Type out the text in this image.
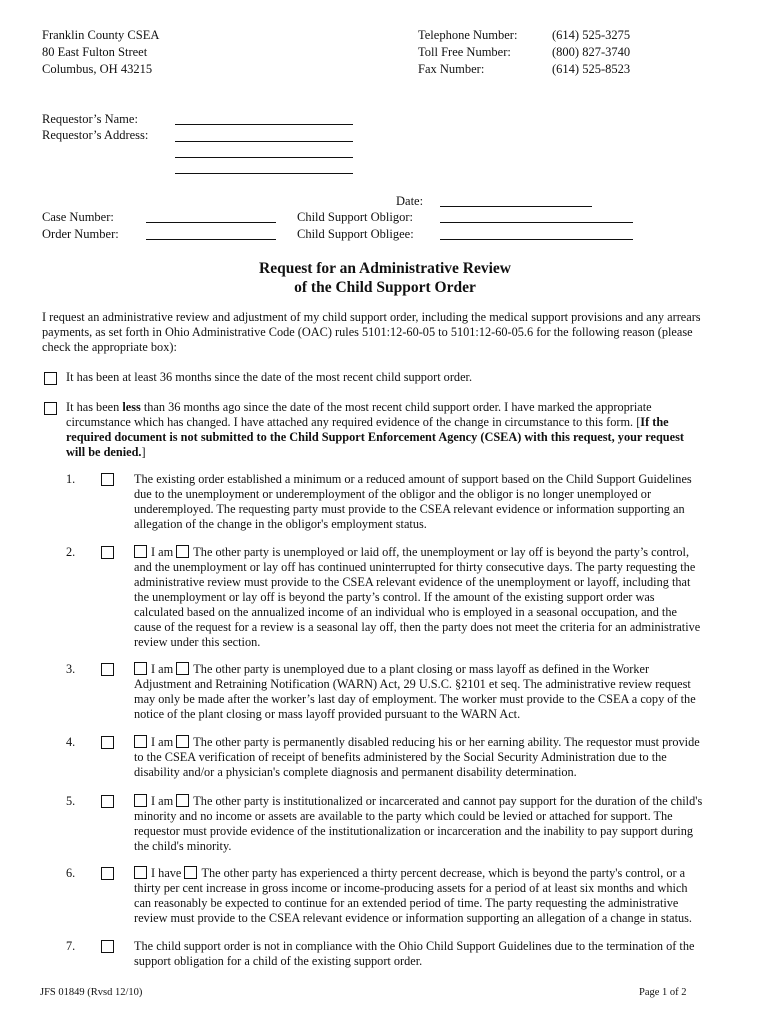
Franklin County CSEA
80 East Fulton Street
Columbus, OH 43215
Telephone Number:	(614) 525-3275
Toll Free Number:	(800) 827-3740
Fax Number:	(614) 525-8523
Requestor’s Name:
Requestor’s Address:
Date:
Case Number:	Child Support Obligor:
Order Number:	Child Support Obligee:
Request for an Administrative Review
of the Child Support Order
I request an administrative review and adjustment of my child support order, including the medical support provisions and any arrears
payments, as set forth in Ohio Administrative Code (OAC) rules 5101:12-60-05 to 5101:12-60-05.6 for the following reason (please
check the appropriate box):
It has been at least 36 months since the date of the most recent child support order.
It has been less than 36 months ago since the date of the most recent child support order. I have marked the appropriate
circumstance which has changed. I have attached any required evidence of the change in circumstance to this form. [If the
required document is not submitted to the Child Support Enforcement Agency (CSEA) with this request, your request
will be denied.]
1.	The existing order established a minimum or a reduced amount of support based on the Child Support Guidelines
due to the unemployment or underemployment of the obligor and the obligor is no longer unemployed or
underemployed. The requesting party must provide to the CSEA relevant evidence or information supporting an
allegation of the change in the obligor's employment status.
2.	I am The other party is unemployed or laid off, the unemployment or lay off is beyond the party’s control,
and the unemployment or lay off has continued uninterrupted for thirty consecutive days. The party requesting the
administrative review must provide to the CSEA relevant evidence of the unemployment or layoff, including that
the unemployment or lay off is beyond the party’s control. If the amount of the existing support order was
calculated based on the annualized income of an individual who is employed in a seasonal occupation, and the
cause of the request for a review is a seasonal lay off, then the party does not meet the criteria for an administrative
review under this section.
3.	I am The other party is unemployed due to a plant closing or mass layoff as defined in the Worker
Adjustment and Retraining Notification (WARN) Act, 29 U.S.C. §2101 et seq. The administrative review request
may only be made after the worker’s last day of employment. The worker must provide to the CSEA a copy of the
notice of the plant closing or mass layoff provided pursuant to the WARN Act.
4.	I am The other party is permanently disabled reducing his or her earning ability. The requestor must provide
to the CSEA verification of receipt of benefits administered by the Social Security Administration due to the
disability and/or a physician's complete diagnosis and permanent disability determination.
5.	I am The other party is institutionalized or incarcerated and cannot pay support for the duration of the child's
minority and no income or assets are available to the party which could be levied or attached for support. The
requestor must provide evidence of the institutionalization or incarceration and the inability to pay support during
the child's minority.
6.	I have The other party has experienced a thirty percent decrease, which is beyond the party's control, or a
thirty per cent increase in gross income or income-producing assets for a period of at least six months and which
can reasonably be expected to continue for an extended period of time. The party requesting the administrative
review must provide to the CSEA relevant evidence or information supporting an allegation of a change in status.
7.	The child support order is not in compliance with the Ohio Child Support Guidelines due to the termination of the
support obligation for a child of the existing support order.
JFS 01849 (Rvsd 12/10)	Page 1 of 2
